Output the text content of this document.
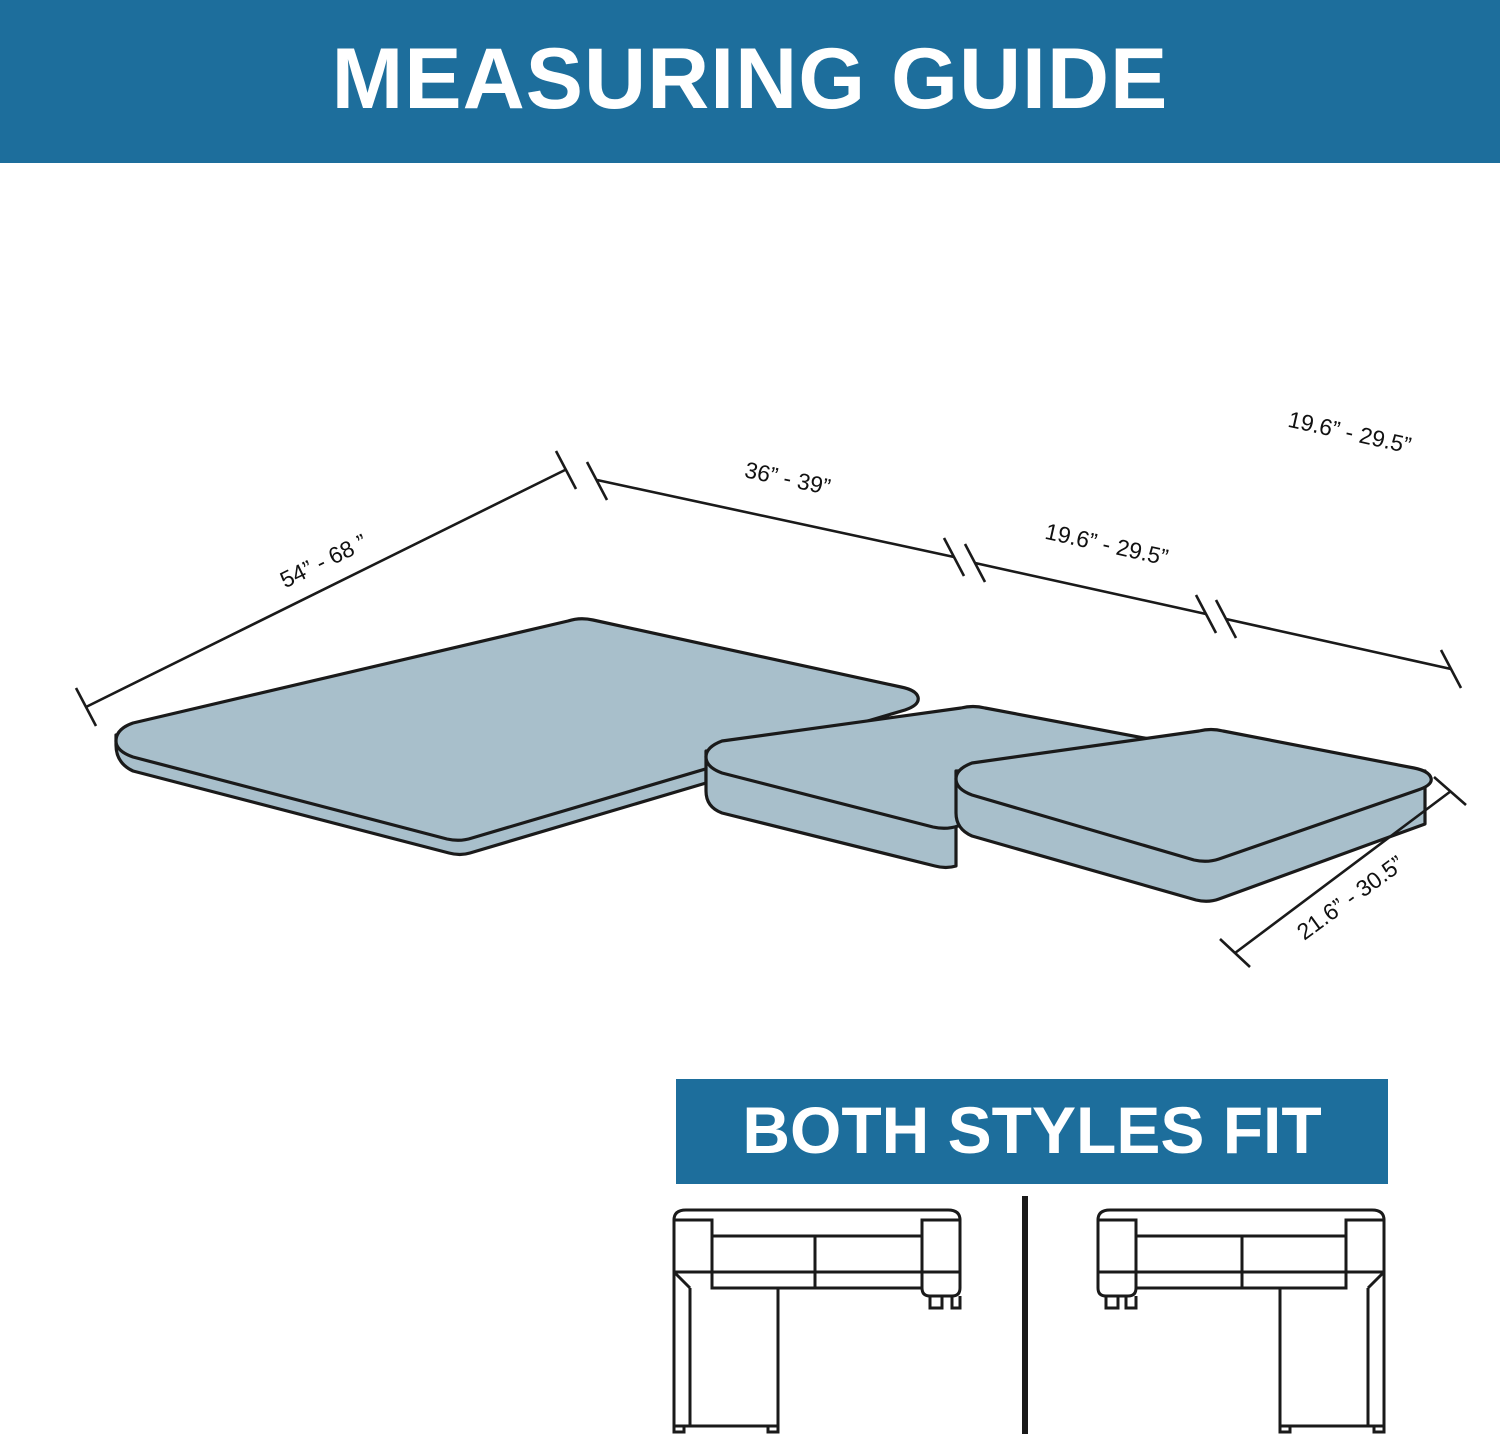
MEASURING GUIDE
54” - 68 ”
36” - 39”
19.6” - 29.5”
19.6” - 29.5”
21.6” - 30.5”
BOTH STYLES FIT
